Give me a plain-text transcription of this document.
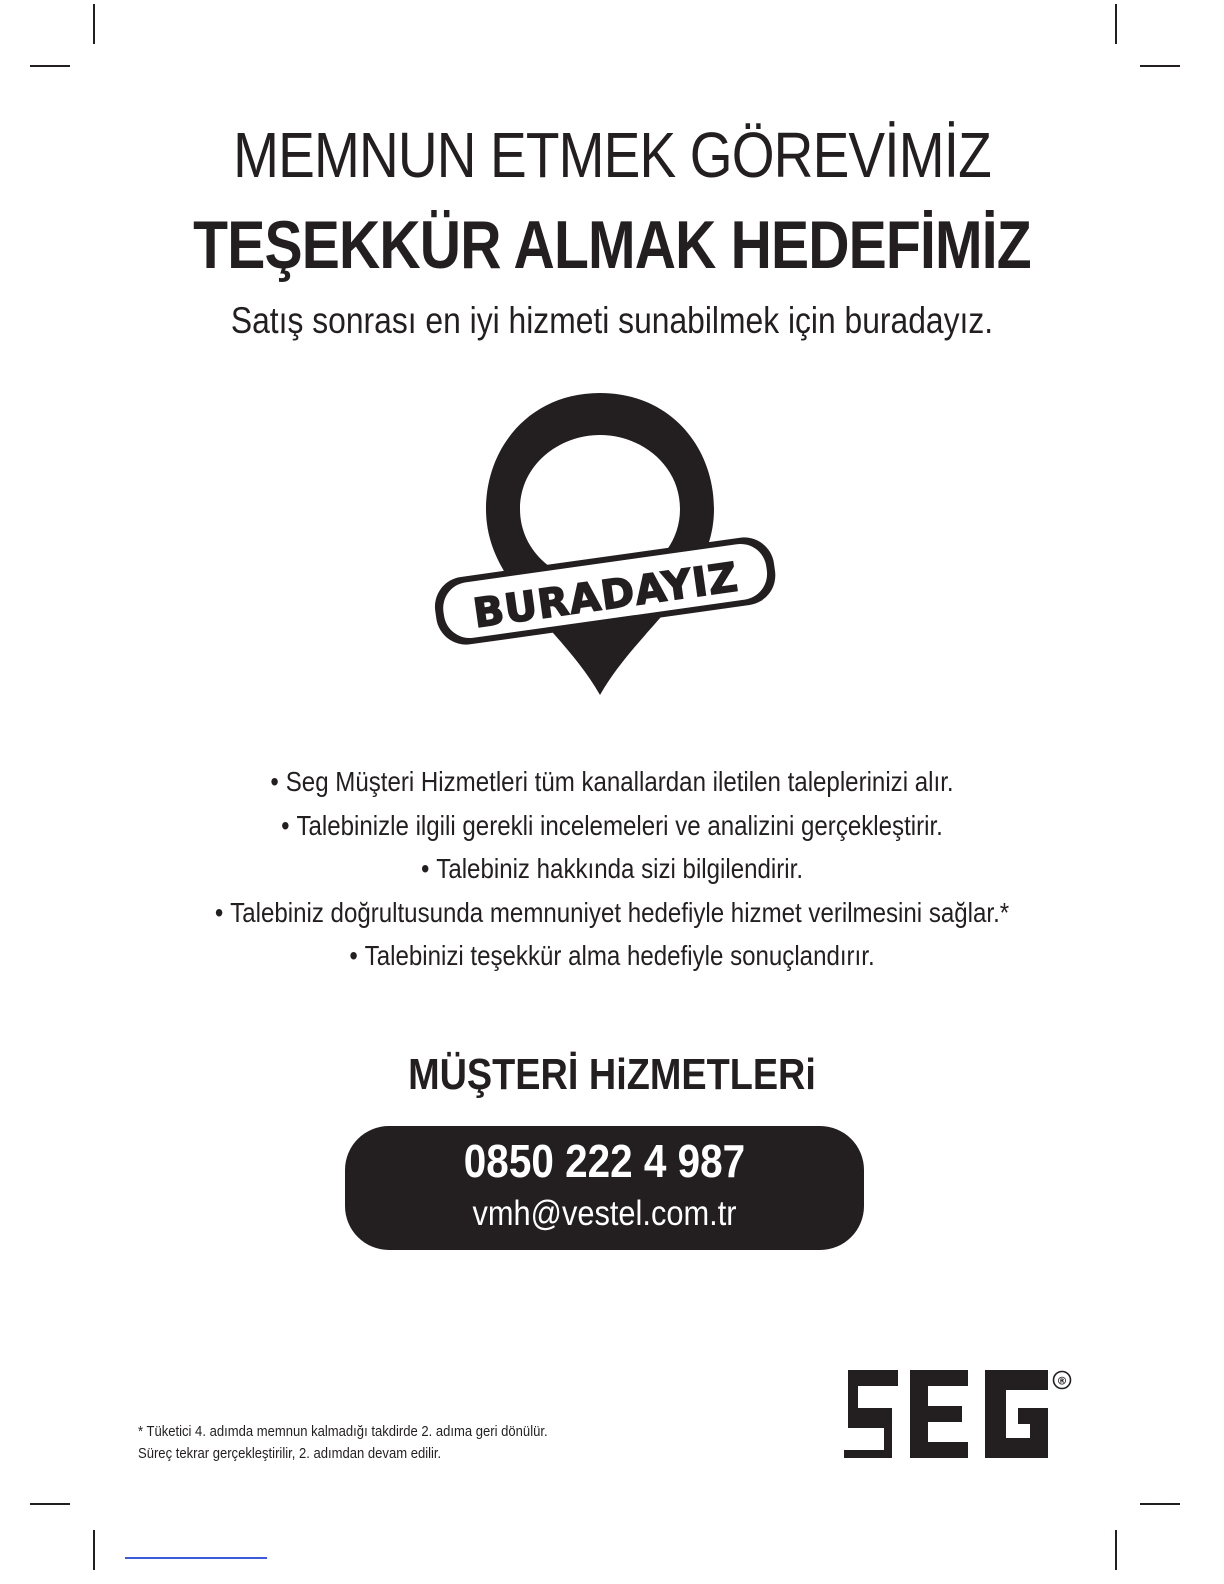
MEMNUN ETMEK GÖREVİMİZ
TEŞEKKÜR ALMAK HEDEFİMİZ
Satış sonrası en iyi hizmeti sunabilmek için buradayız.
BURADAYIZ
• Seg Müşteri Hizmetleri tüm kanallardan iletilen taleplerinizi alır.
• Talebinizle ilgili gerekli incelemeleri ve analizini gerçekleştirir.
• Talebiniz hakkında sizi bilgilendirir.
• Talebiniz doğrultusunda memnuniyet hedefiyle hizmet verilmesini sağlar.*
• Talebinizi teşekkür alma hedefiyle sonuçlandırır.
MÜŞTERİ HiZMETLERi
0850 222 4 987
vmh@vestel.com.tr
* Tüketici 4. adımda memnun kalmadığı takdirde 2. adıma geri dönülür.
Süreç tekrar gerçekleştirilir, 2. adımdan devam edilir.
®
